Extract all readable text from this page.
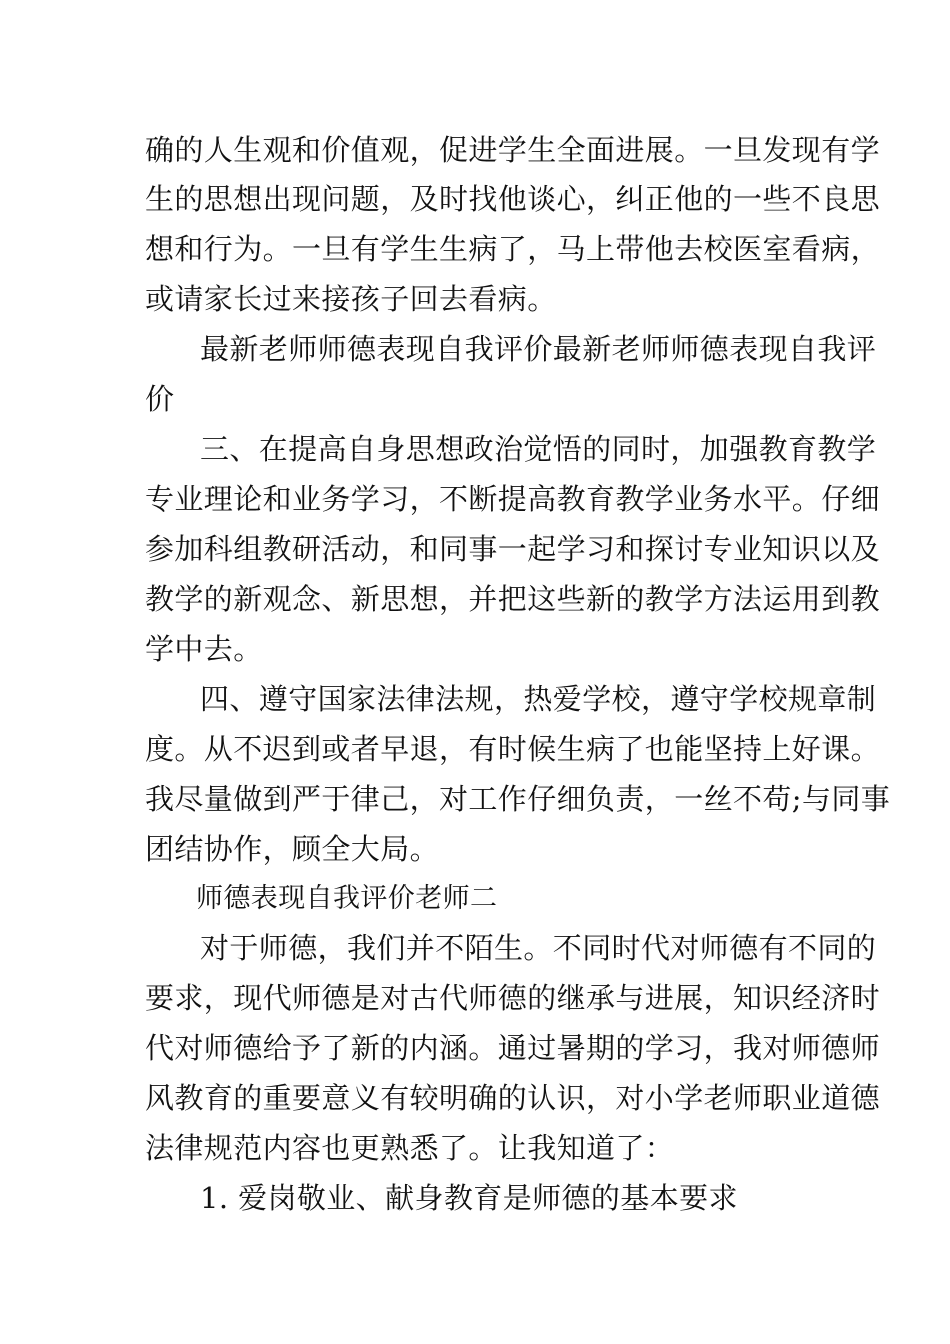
确的人生观和价值观，促进学生全面进展。一旦发现有学
生的思想出现问题，及时找他谈心，纠正他的一些不良思
想和行为。一旦有学生生病了，马上带他去校医室看病，
或请家长过来接孩子回去看病。
最新老师师德表现自我评价最新老师师德表现自我评
价
三、在提高自身思想政治觉悟的同时，加强教育教学
专业理论和业务学习，不断提高教育教学业务水平。仔细
参加科组教研活动，和同事一起学习和探讨专业知识以及
教学的新观念、新思想，并把这些新的教学方法运用到教
学中去。
四、遵守国家法律法规，热爱学校，遵守学校规章制
度。从不迟到或者早退，有时候生病了也能坚持上好课。
我尽量做到严于律己，对工作仔细负责，一丝不苟;与同事
团结协作，顾全大局。
师德表现自我评价老师二
对于师德，我们并不陌生。不同时代对师德有不同的
要求，现代师德是对古代师德的继承与进展，知识经济时
代对师德给予了新的内涵。通过暑期的学习，我对师德师
风教育的重要意义有较明确的认识，对小学老师职业道德
法律规范内容也更熟悉了。让我知道了：
1. 爱岗敬业、献身教育是师德的基本要求
